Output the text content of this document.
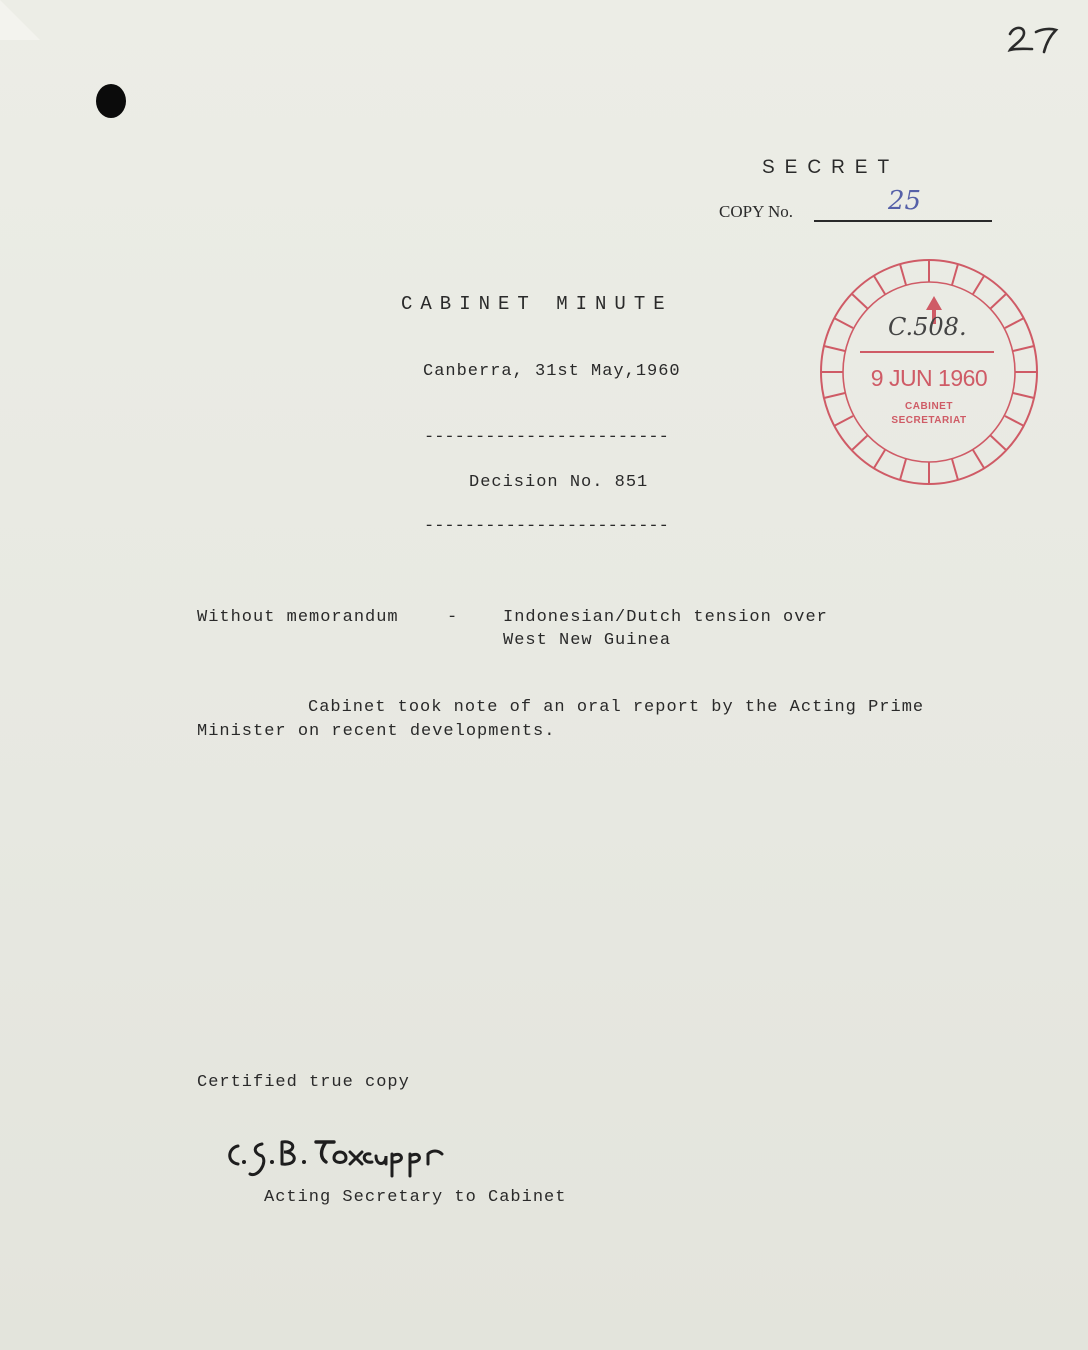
SECRET
COPY No.	25
CABINET MINUTE
Canberra, 31st May,1960
------------------------
Decision No. 851
------------------------
Without memorandum	-	Indonesian/Dutch tension over
West New Guinea
Cabinet took note of an oral report by the Acting Prime
Minister on recent developments.
Certified true copy
Acting Secretary to Cabinet
C.508.
9 JUN 1960
CABINET
SECRETARIAT
